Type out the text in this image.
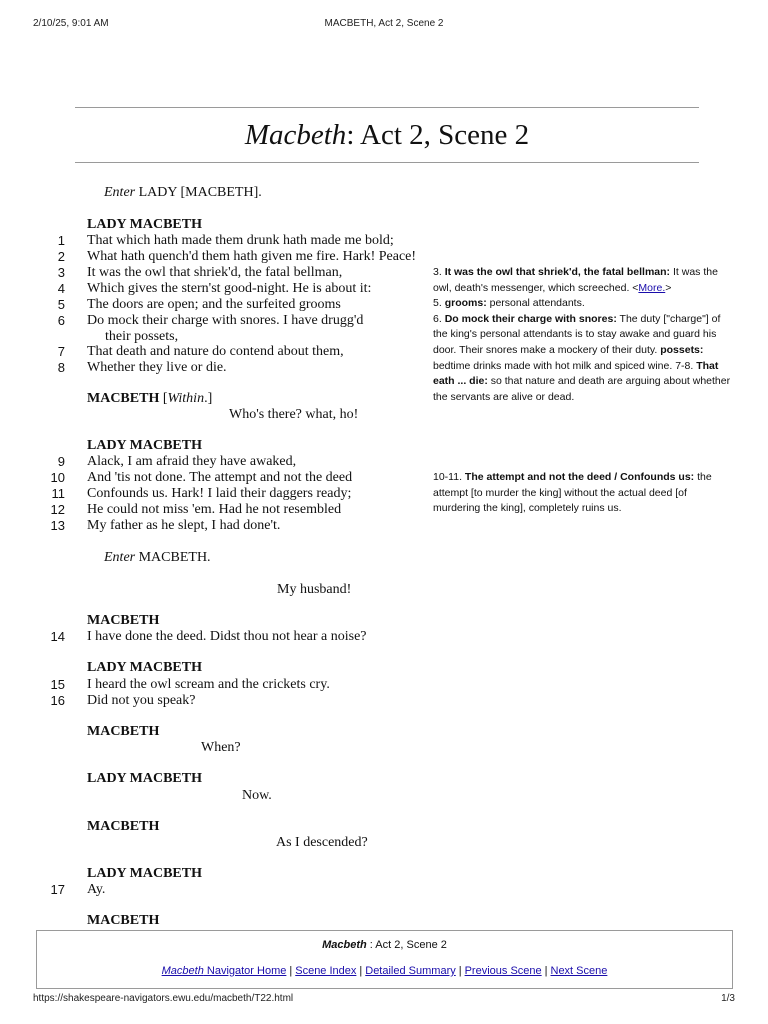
2/10/25, 9:01 AM	MACBETH, Act 2, Scene 2
Macbeth: Act 2, Scene 2
Enter LADY [MACBETH].
LADY MACBETH
1 That which hath made them drunk hath made me bold;
2 What hath quench'd them hath given me fire. Hark! Peace!
3 It was the owl that shriek'd, the fatal bellman,
4 Which gives the stern'st good-night. He is about it:
5 The doors are open; and the surfeited grooms
6 Do mock their charge with snores. I have drugg'd
their possets,
7 That death and nature do contend about them,
8 Whether they live or die.
MACBETH [Within.]
Who's there? what, ho!
LADY MACBETH
9 Alack, I am afraid they have awaked,
10 And 'tis not done. The attempt and not the deed
11 Confounds us. Hark! I laid their daggers ready;
12 He could not miss 'em. Had he not resembled
13 My father as he slept, I had done't.
Enter MACBETH.
My husband!
MACBETH
14 I have done the deed. Didst thou not hear a noise?
LADY MACBETH
15 I heard the owl scream and the crickets cry.
16 Did not you speak?
MACBETH
When?
LADY MACBETH
Now.
MACBETH
As I descended?
LADY MACBETH
17 Ay.
MACBETH

3. It was the owl that shriek'd, the fatal bellman: It was the owl, death's messenger, which screeched. <More.>

5. grooms: personal attendants.

6. Do mock their charge with snores: The duty ["charge"] of the king's personal attendants is to stay awake and guard his door. Their snores make a mockery of their duty. possets: bedtime drinks made with hot milk and spiced wine. 7-8. That eath ... die: so that nature and death are arguing about whether the servants are alive or dead.

10-11. The attempt and not the deed / Confounds us: the attempt [to murder the king] without the actual deed [of murdering the king], completely ruins us.

Macbeth : Act 2, Scene 2
Macbeth Navigator Home | Scene Index | Detailed Summary | Previous Scene | Next Scene
https://shakespeare-navigators.ewu.edu/macbeth/T22.html	1/3
